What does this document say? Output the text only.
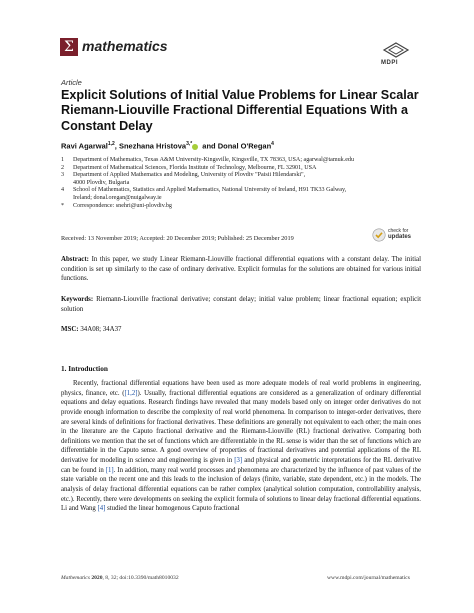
Σ mathematics
MDPI
Article
Explicit Solutions of Initial Value Problems for Linear Scalar Riemann-Liouville Fractional Differential Equations With a Constant Delay
Ravi Agarwal$^{1,2}$, Snezhana Hristova$^{3,*}$ and Donal O'Regan$^4$
1	Department of Mathematics, Texas A&M University-Kingsville, Kingsville, TX 78363, USA; agarwal@tamuk.edu
2	Department of Mathematical Sciences, Florida Institute of Technology, Melbourne, FL 32901, USA
3	Department of Applied Mathematics and Modeling, University of Plovdiv "Paisii Hilendarski",
4000 Plovdiv, Bulgaria
4	School of Mathematics, Statistics and Applied Mathematics, National University of Ireland, H91 TK33 Galway,
Ireland; donal.oregan@nuigalway.ie
*	Correspondence: snehri@uni-plovdiv.bg
Received: 13 November 2019; Accepted: 20 December 2019; Published: 25 December 2019
check for
updates
Abstract: In this paper, we study Linear Riemann-Liouville fractional differential equations with a constant delay. The initial condition is set up similarly to the case of ordinary derivative. Explicit formulas for the solutions are obtained for various initial functions.
Keywords: Riemann-Liouville fractional derivative; constant delay; initial value problem; linear fractional equation; explicit solution
MSC: 34A08; 34A37
1. Introduction
Recently, fractional differential equations have been used as more adequate models of real world problems in engineering, physics, finance, etc. ([1,2]). Usually, fractional differential equations are considered as a generalization of ordinary differential equations and delay equations. Research findings have revealed that many models based only on integer order derivatives do not provide enough information to describe the complexity of real world phenomena. In comparison to integer-order derivatives, there are several kinds of definitions for fractional derivatives. These definitions are generally not equivalent to each other; the main ones in the literature are the Caputo fractional derivative and the Riemann-Liouville (RL) fractional derivative. Comparing both definitions we mention that the set of functions which are differentiable in the RL sense is wider than the set of functions which are differentiable in the Caputo sense. A good overview of properties of fractional derivatives and potential applications of the RL derivative for modeling in science and engineering is given in [3] and physical and geometric interpretations for the RL derivative can be found in [1]. In addition, many real world processes and phenomena are characterized by the influence of past values of the state variable on the recent one and this leads to the inclusion of delays (finite, variable, state dependent, etc.) in the models. The analysis of delay fractional differential equations can be rather complex (analytical solution computation, controllability analysis, etc.). Recently, there were developments on seeking the explicit formula of solutions to linear delay fractional differential equations. Li and Wang [4] studied the linear homogenous Caputo fractional
Mathematics 2020, 8, 32; doi:10.3390/math8010032	www.mdpi.com/journal/mathematics
